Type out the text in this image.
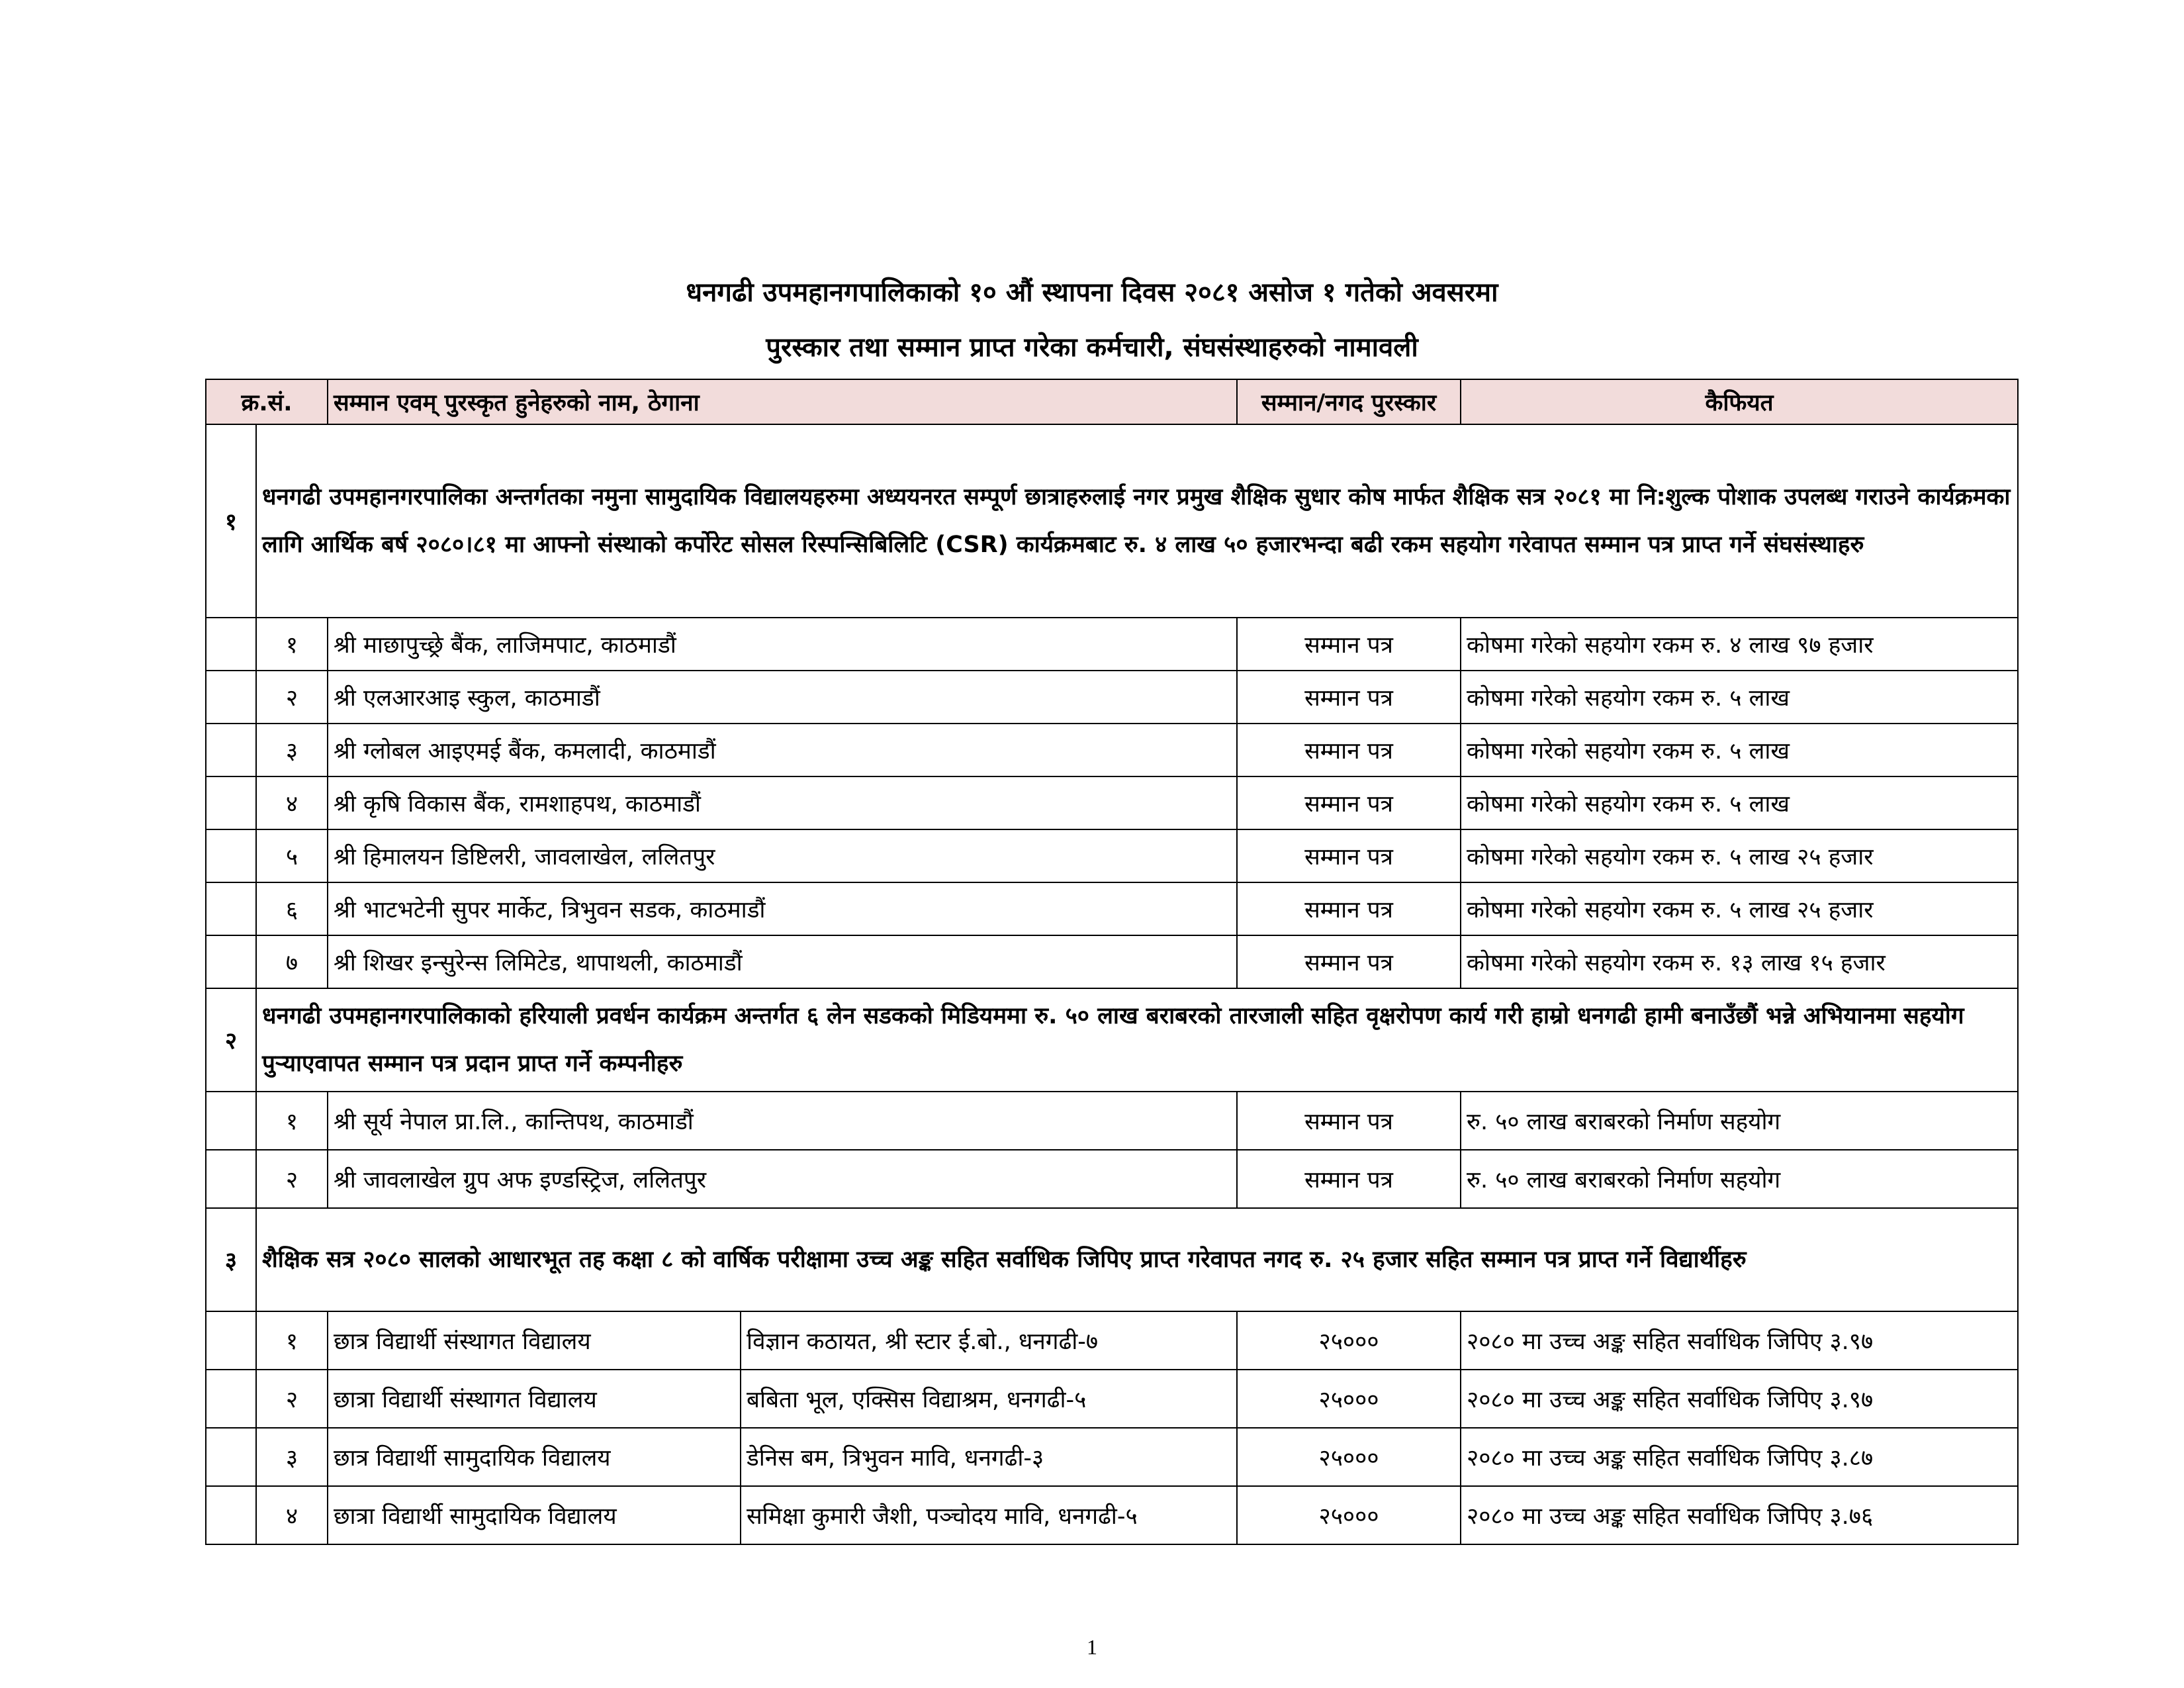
धनगढी उपमहानगपालिकाको १० औं स्थापना दिवस २०८१ असोज १ गतेको अवसरमा
पुरस्कार तथा सम्मान प्राप्त गरेका कर्मचारी, संघसंस्थाहरुको नामावली
क्र.सं.		सम्मान एवम् पुरस्कृत हुनेहरुको नाम, ठेगाना		सम्मान/नगद पुरस्कार	कैफियत
१	धनगढी उपमहानगरपालिका अन्तर्गतका नमुना सामुदायिक विद्यालयहरुमा अध्ययनरत सम्पूर्ण छात्राहरुलाई नगर प्रमुख शैक्षिक सुधार कोष मार्फत शैक्षिक सत्र २०८१ मा नि:शुल्क पोशाक उपलब्ध गराउने कार्यक्रमका लागि आर्थिक बर्ष २०८०।८१ मा आफ्नो संस्थाको कर्पोरेट सोसल रिस्पन्सिबिलिटि (CSR) कार्यक्रमबाट रु. ४ लाख ५० हजारभन्दा बढी रकम सहयोग गरेवापत सम्मान पत्र प्राप्त गर्ने संघसंस्थाहरु				
	१	श्री माछापुच्छ्रे बैंक, लाजिमपाट, काठमाडौं		सम्मान पत्र	कोषमा गरेको सहयोग रकम रु. ४ लाख ९७ हजार
	२	श्री एलआरआइ स्कुल, काठमाडौं		सम्मान पत्र	कोषमा गरेको सहयोग रकम रु. ५ लाख
	३	श्री ग्लोबल आइएमई बैंक, कमलादी, काठमाडौं		सम्मान पत्र	कोषमा गरेको सहयोग रकम रु. ५ लाख
	४	श्री कृषि विकास बैंक, रामशाहपथ, काठमाडौं		सम्मान पत्र	कोषमा गरेको सहयोग रकम रु. ५ लाख
	५	श्री हिमालयन डिष्टिलरी, जावलाखेल, ललितपुर		सम्मान पत्र	कोषमा गरेको सहयोग रकम रु. ५ लाख २५ हजार
	६	श्री भाटभटेनी सुपर मार्केट, त्रिभुवन सडक, काठमाडौं		सम्मान पत्र	कोषमा गरेको सहयोग रकम रु. ५ लाख २५ हजार
	७	श्री शिखर इन्सुरेन्स लिमिटेड, थापाथली, काठमाडौं		सम्मान पत्र	कोषमा गरेको सहयोग रकम रु. १३ लाख १५ हजार
२	धनगढी उपमहानगरपालिकाको हरियाली प्रवर्धन कार्यक्रम अन्तर्गत ६ लेन सडकको मिडियममा रु. ५० लाख बराबरको तारजाली सहित वृक्षरोपण कार्य गरी हाम्रो धनगढी हामी बनाउँछौं भन्ने अभियानमा सहयोग पुर्‍याएवापत सम्मान पत्र प्रदान प्राप्त गर्ने कम्पनीहरु				
	१	श्री सूर्य नेपाल प्रा.लि., कान्तिपथ, काठमाडौं		सम्मान पत्र	रु. ५० लाख बराबरको निर्माण सहयोग
	२	श्री जावलाखेल ग्रुप अफ इण्डस्ट्रिज, ललितपुर		सम्मान पत्र	रु. ५० लाख बराबरको निर्माण सहयोग
३	शैक्षिक सत्र २०८० सालको आधारभूत तह कक्षा ८ को वार्षिक परीक्षामा उच्च अङ्क सहित सर्वाधिक जिपिए प्राप्त गरेवापत नगद रु. २५ हजार सहित सम्मान पत्र प्राप्त गर्ने विद्यार्थीहरु				
	१	छात्र विद्यार्थी संस्थागत विद्यालय	विज्ञान कठायत, श्री स्टार ई.बो., धनगढी-७	२५०००	२०८० मा उच्च अङ्क सहित सर्वाधिक जिपिए ३.९७
	२	छात्रा विद्यार्थी संस्थागत विद्यालय	बबिता भूल, एक्सिस विद्याश्रम, धनगढी-५	२५०००	२०८० मा उच्च अङ्क सहित सर्वाधिक जिपिए ३.९७
	३	छात्र विद्यार्थी सामुदायिक विद्यालय	डेनिस बम, त्रिभुवन मावि, धनगढी-३	२५०००	२०८० मा उच्च अङ्क सहित सर्वाधिक जिपिए ३.८७
	४	छात्रा विद्यार्थी सामुदायिक विद्यालय	समिक्षा कुमारी जैशी, पञ्चोदय मावि, धनगढी-५	२५०००	२०८० मा उच्च अङ्क सहित सर्वाधिक जिपिए ३.७६
1
